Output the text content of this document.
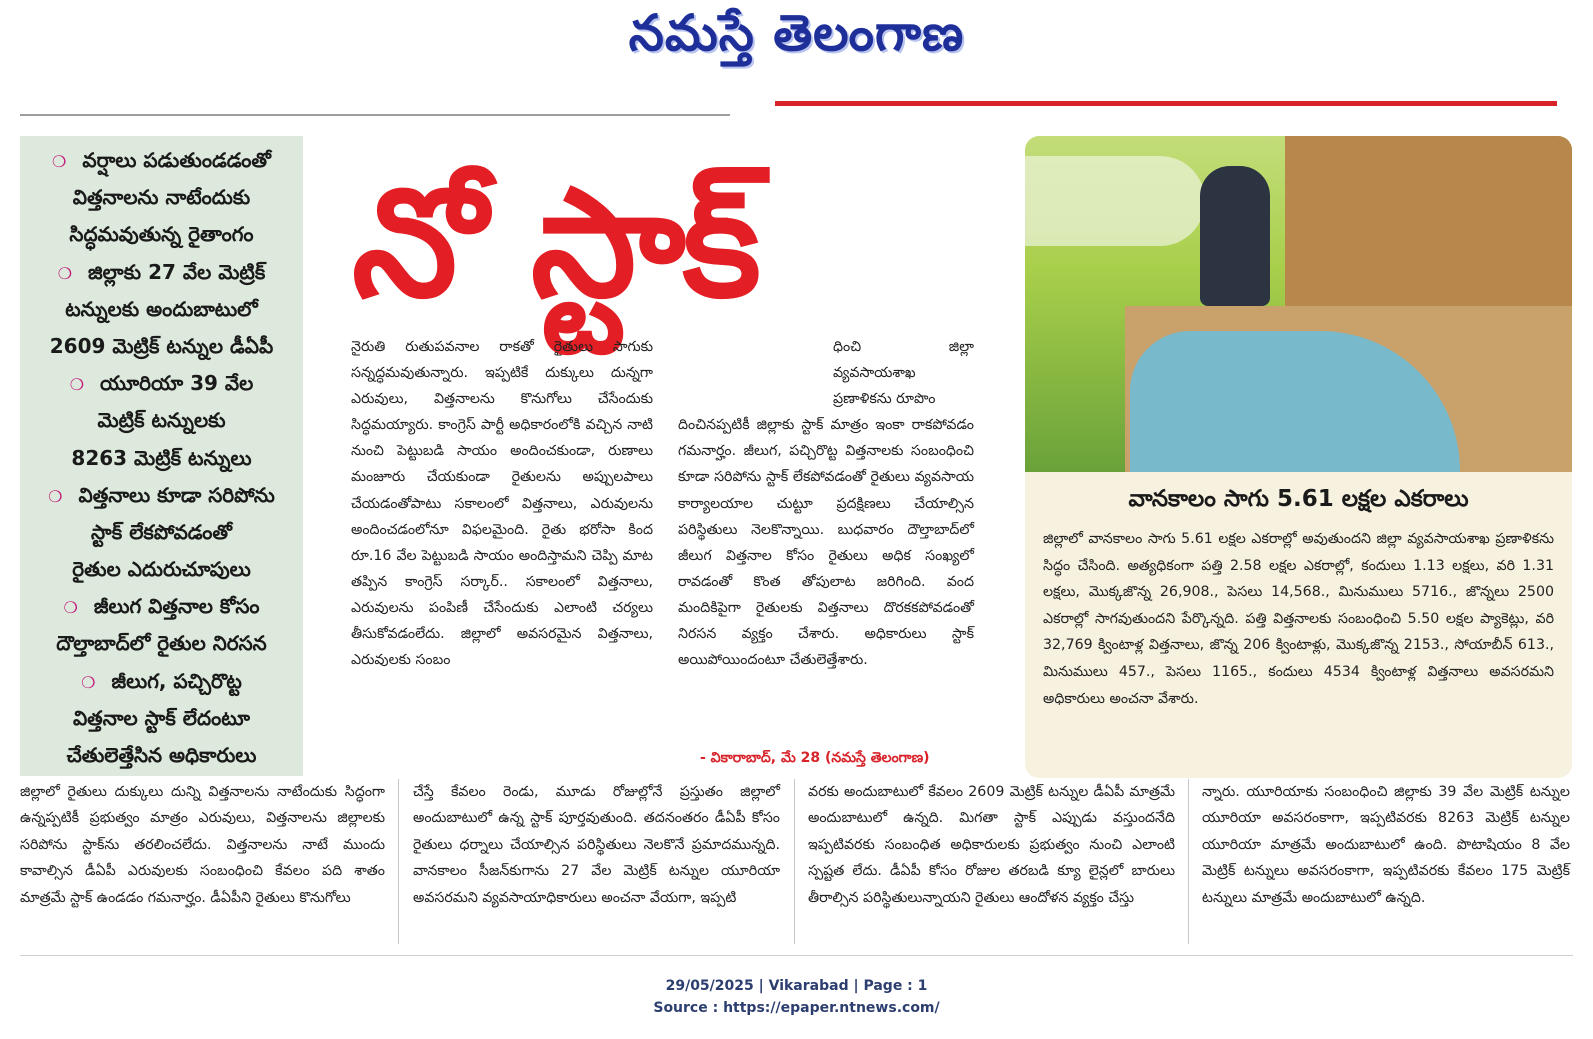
నమస్తే తెలంగాణ
❍ వర్షాలు పడుతుండడంతో
విత్తనాలను నాటేందుకు
సిద్ధమవుతున్న రైతాంగం
❍ జిల్లాకు 27 వేల మెట్రిక్
టన్నులకు అందుబాటులో
2609 మెట్రిక్ టన్నుల డీఏపీ
❍ యూరియా 39 వేల
మెట్రిక్ టన్నులకు
8263 మెట్రిక్ టన్నులు
❍ విత్తనాలు కూడా సరిపోను
స్టాక్ లేకపోవడంతో
రైతుల ఎదురుచూపులు
❍ జీలుగ విత్తనాల కోసం
దౌల్తాబాద్‌లో రైతుల నిరసన
❍ జీలుగ, పచ్చిరొట్ట
విత్తనాల స్టాక్ లేదంటూ
చేతులెత్తేసిన అధికారులు
నో స్టాక్

నైరుతి రుతుపవనాల రాకతో రైతులు సాగుకు సన్నద్ధమవుతున్నారు. ఇప్పటికే దుక్కులు దున్నగా ఎరువులు, విత్తనాలను కొనుగోలు చేసేందుకు సిద్ధమయ్యారు. కాంగ్రెస్ పార్టీ అధికారంలోకి వచ్చిన నాటి నుంచి పెట్టుబడి సాయం అందించకుండా, రుణాలు మంజూరు చేయకుండా రైతులను అప్పులపాలు చేయడంతోపాటు సకాలంలో విత్తనాలు, ఎరువులను అందించడంలోనూ విఫలమైంది. రైతు భరోసా కింద రూ.16 వేల పెట్టుబడి సాయం అందిస్తామని చెప్పి మాట తప్పిన కాంగ్రెస్ సర్కార్.. సకాలంలో విత్తనాలు, ఎరువులను పంపిణీ చేసేందుకు ఎలాంటి చర్యలు తీసుకోవడంలేదు. జిల్లాలో అవసరమైన విత్తనాలు, ఎరువులకు సంబం

ధించి జిల్లా వ్యవసాయశాఖ ప్రణాళికను రూపొం

దించినప్పటికీ జిల్లాకు స్టాక్ మాత్రం ఇంకా రాకపోవడం గమనార్హం. జీలుగ, పచ్చిరొట్ట విత్తనాలకు సంబంధించి కూడా సరిపోను స్టాక్ లేకపోవడంతో రైతులు వ్యవసాయ కార్యాలయాల చుట్టూ ప్రదక్షిణలు చేయాల్సిన పరిస్థితులు నెలకొన్నాయి. బుధవారం దౌల్తాబాద్‌లో జీలుగ విత్తనాల కోసం రైతులు అధిక సంఖ్యలో రావడంతో కొంత తోపులాట జరిగింది. వంద మందికిపైగా రైతులకు విత్తనాలు దొరకకపోవడంతో నిరసన వ్యక్తం చేశారు. అధికారులు స్టాక్ అయిపోయిందంటూ చేతులెత్తేశారు.

- వికారాబాద్, మే 28 (నమస్తే తెలంగాణ)
వానకాలం సాగు 5.61 లక్షల ఎకరాలు

జిల్లాలో వానకాలం సాగు 5.61 లక్షల ఎకరాల్లో అవుతుందని జిల్లా వ్యవసాయశాఖ ప్రణాళికను సిద్ధం చేసింది. అత్యధికంగా పత్తి 2.58 లక్షల ఎకరాల్లో, కందులు 1.13 లక్షలు, వరి 1.31 లక్షలు, మొక్కజొన్న 26,908., పెసలు 14,568., మినుములు 5716., జొన్నలు 2500 ఎకరాల్లో సాగవుతుందని పేర్కొన్నది. పత్తి విత్తనాలకు సంబంధించి 5.50 లక్షల ప్యాకెట్లు, వరి 32,769 క్వింటాళ్ల విత్తనాలు, జొన్న 206 క్వింటాళ్లు, మొక్కజొన్న 2153., సోయాబీన్ 613., మినుములు 457., పెసలు 1165., కందులు 4534 క్వింటాళ్ల విత్తనాలు అవసరమని అధికారులు అంచనా వేశారు.

జిల్లాలో రైతులు దుక్కులు దున్ని విత్తనాలను నాటేందుకు సిద్ధంగా ఉన్నప్పటికీ ప్రభుత్వం మాత్రం ఎరువులు, విత్తనాలను జిల్లాలకు సరిపోను స్టాక్‌ను తరలించలేదు. విత్తనాలను నాటే ముందు కావాల్సిన డీఏపీ ఎరువులకు సంబంధించి కేవలం పది శాతం మాత్రమే స్టాక్ ఉండడం గమనార్హం. డీఏపీని రైతులు కొనుగోలు

చేస్తే కేవలం రెండు, మూడు రోజుల్లోనే ప్రస్తుతం జిల్లాలో అందుబాటులో ఉన్న స్టాక్ పూర్తవుతుంది. తదనంతరం డీఏపీ కోసం రైతులు ధర్నాలు చేయాల్సిన పరిస్థితులు నెలకొనే ప్రమాదమున్నది. వానకాలం సీజన్‌కుగాను 27 వేల మెట్రిక్ టన్నుల యూరియా అవసరమని వ్యవసాయాధికారులు అంచనా వేయగా, ఇప్పటి

వరకు అందుబాటులో కేవలం 2609 మెట్రిక్ టన్నుల డీఏపీ మాత్రమే అందుబాటులో ఉన్నది. మిగతా స్టాక్ ఎప్పుడు వస్తుందనేది ఇప్పటివరకు సంబంధిత అధికారులకు ప్రభుత్వం నుంచి ఎలాంటి స్పష్టత లేదు. డీఏపీ కోసం రోజుల తరబడి క్యూ లైన్లలో బారులు తీరాల్సిన పరిస్థితులున్నాయని రైతులు ఆందోళన వ్యక్తం చేస్తు

న్నారు. యూరియాకు సంబంధించి జిల్లాకు 39 వేల మెట్రిక్ టన్నుల యూరియా అవసరంకాగా, ఇప్పటివరకు 8263 మెట్రిక్ టన్నుల యూరియా మాత్రమే అందుబాటులో ఉంది. పొటాషియం 8 వేల మెట్రిక్ టన్నులు అవసరంకాగా, ఇప్పటివరకు కేవలం 175 మెట్రిక్ టన్నులు మాత్రమే అందుబాటులో ఉన్నది.

29/05/2025 | Vikarabad | Page : 1
Source : https://epaper.ntnews.com/
